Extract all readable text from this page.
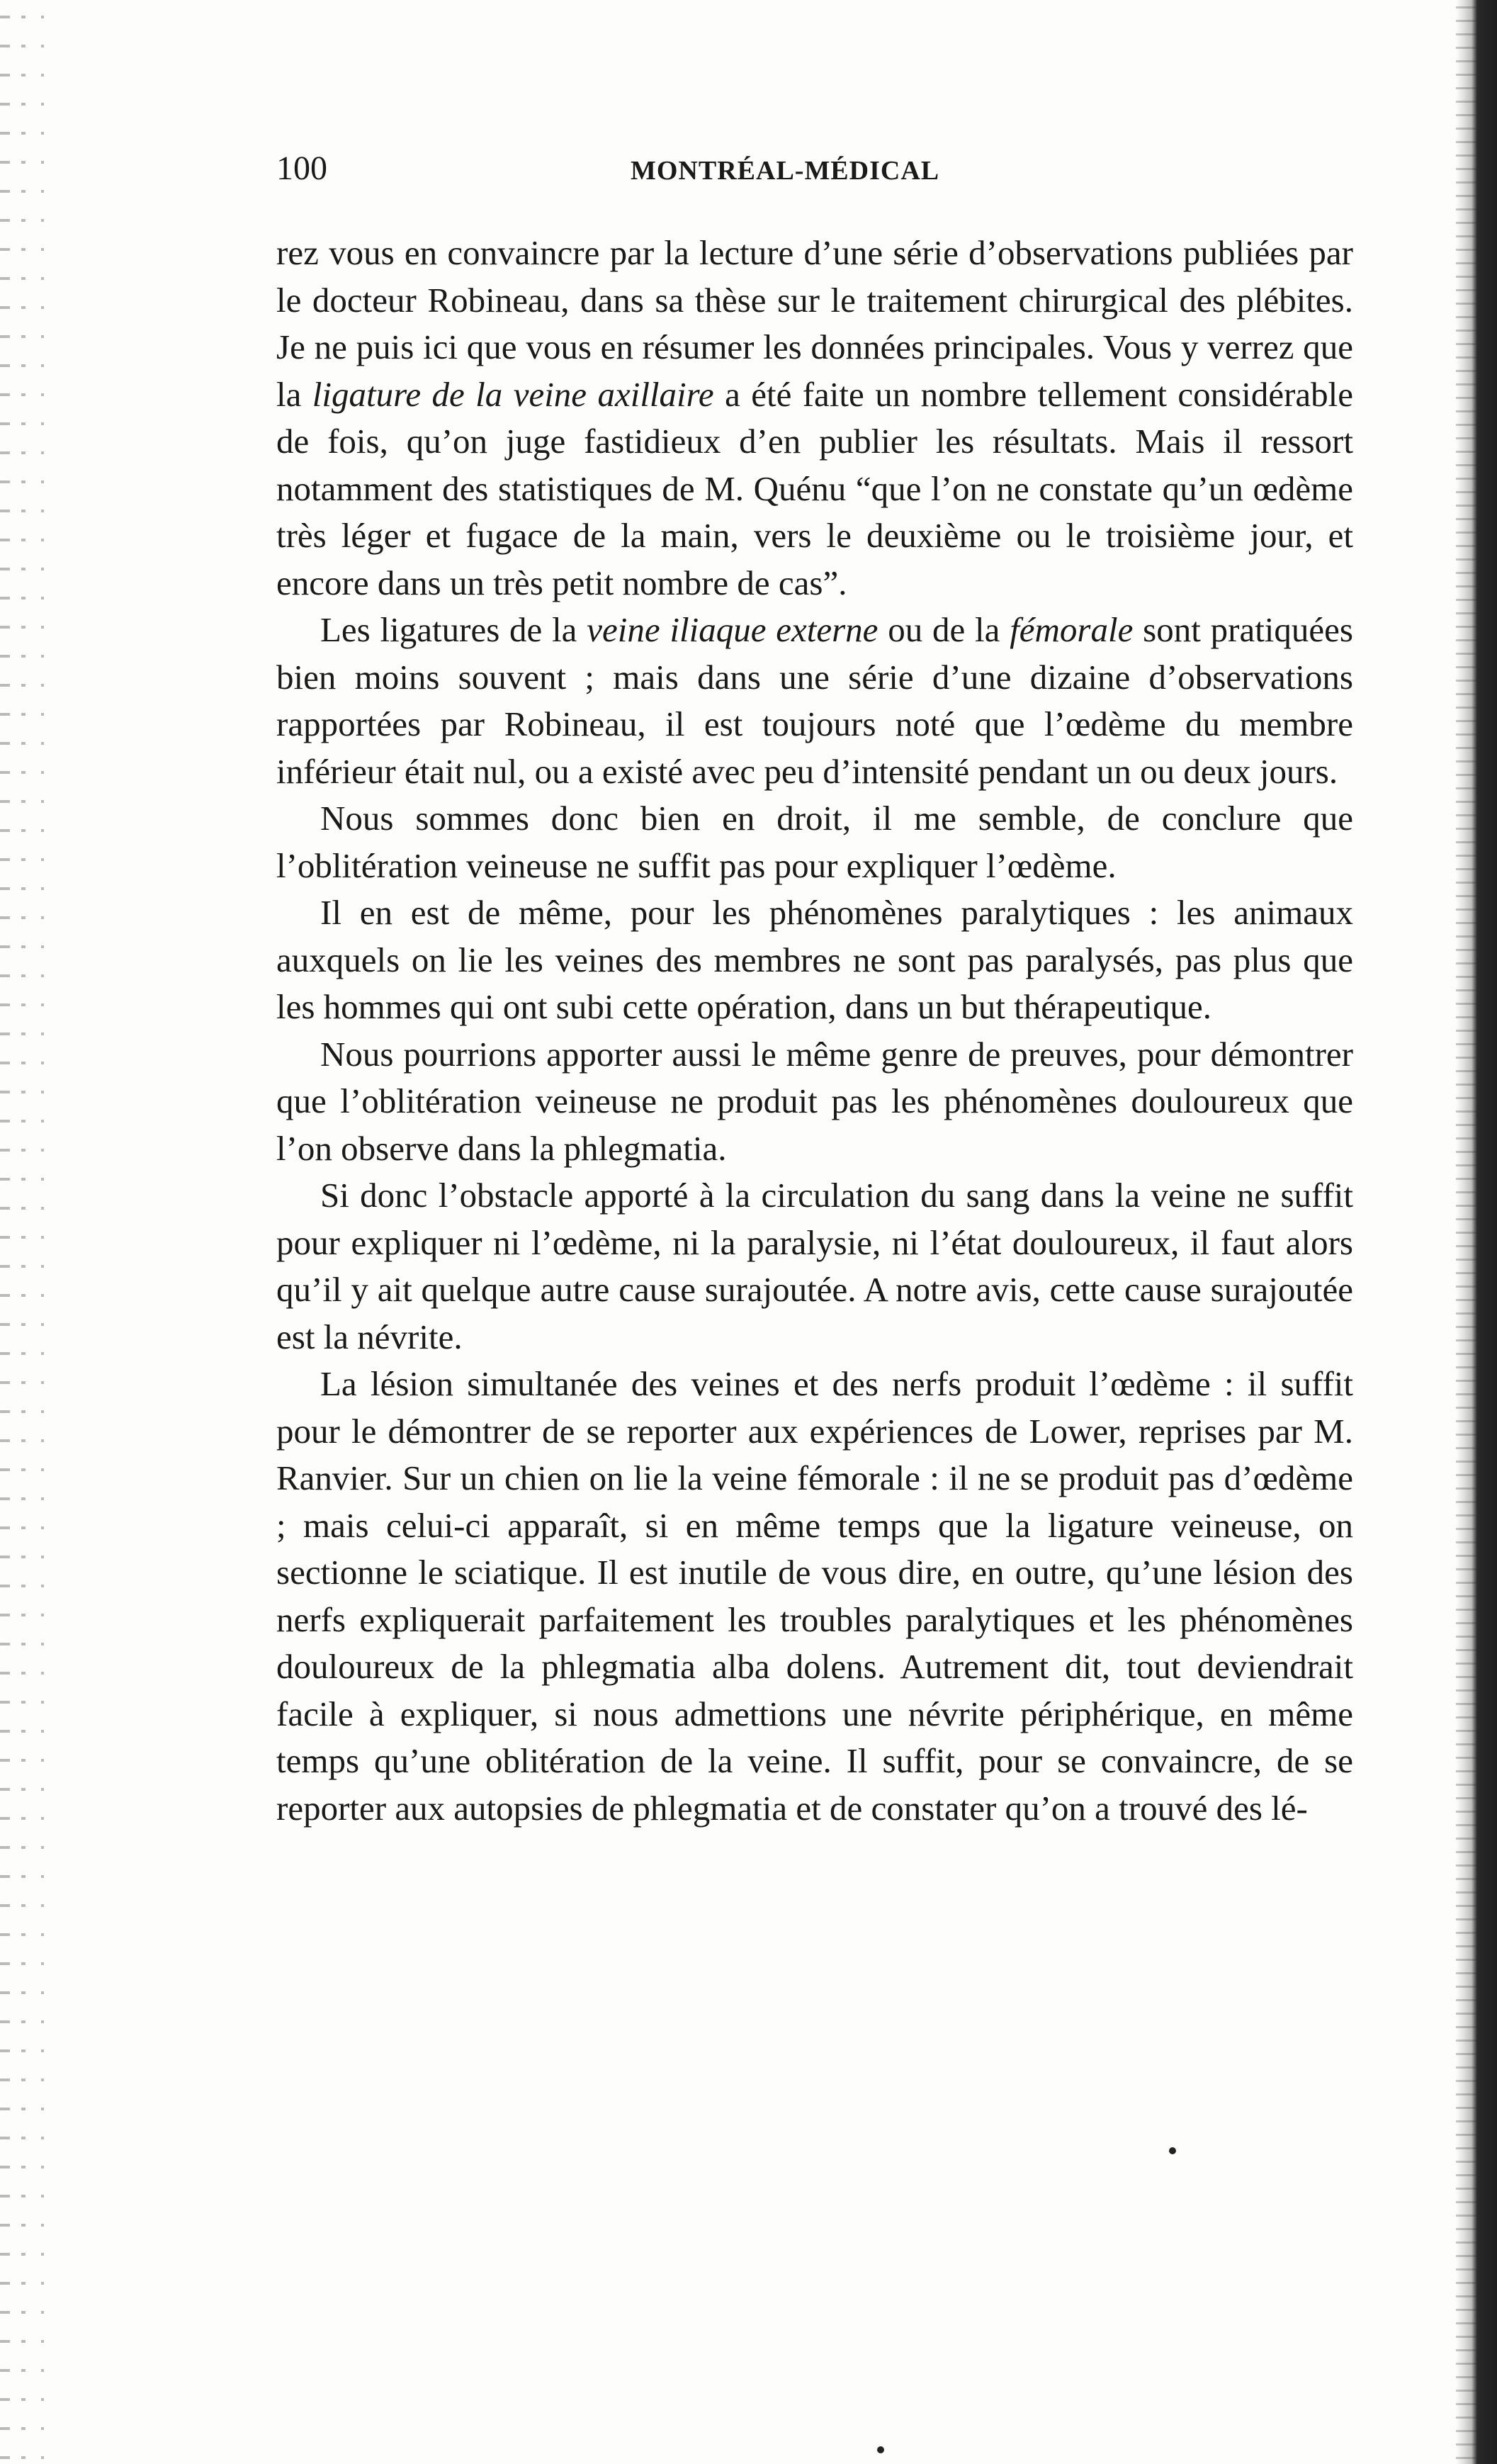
100	MONTRÉAL-MÉDICAL

rez vous en convaincre par la lecture d’une série d’observations publiées par le docteur Robineau, dans sa thèse sur le traitement chirurgical des plébites. Je ne puis ici que vous en résumer les données principales. Vous y verrez que la ligature de la veine axillaire a été faite un nombre tellement considérable de fois, qu’on juge fastidieux d’en publier les résultats. Mais il ressort notamment des statistiques de M. Quénu “que l’on ne constate qu’un œdème très léger et fugace de la main, vers le deuxième ou le troisième jour, et encore dans un très petit nombre de cas”.

Les ligatures de la veine iliaque externe ou de la fémorale sont pratiquées bien moins souvent ; mais dans une série d’une dizaine d’observations rapportées par Robineau, il est toujours noté que l’œdème du membre inférieur était nul, ou a existé avec peu d’intensité pendant un ou deux jours.

Nous sommes donc bien en droit, il me semble, de conclure que l’oblitération veineuse ne suffit pas pour expliquer l’œdème.

Il en est de même, pour les phénomènes paralytiques : les animaux auxquels on lie les veines des membres ne sont pas paralysés, pas plus que les hommes qui ont subi cette opération, dans un but thérapeutique.

Nous pourrions apporter aussi le même genre de preuves, pour démontrer que l’oblitération veineuse ne produit pas les phénomènes douloureux que l’on observe dans la phlegmatia.

Si donc l’obstacle apporté à la circulation du sang dans la veine ne suffit pour expliquer ni l’œdème, ni la paralysie, ni l’état douloureux, il faut alors qu’il y ait quelque autre cause surajoutée. A notre avis, cette cause surajoutée est la névrite.

La lésion simultanée des veines et des nerfs produit l’œdème : il suffit pour le démontrer de se reporter aux expériences de Lower, reprises par M. Ranvier. Sur un chien on lie la veine fémorale : il ne se produit pas d’œdème ; mais celui-ci apparaît, si en même temps que la ligature veineuse, on sectionne le sciatique. Il est inutile de vous dire, en outre, qu’une lésion des nerfs expliquerait parfaitement les troubles paralytiques et les phénomènes douloureux de la phlegmatia alba dolens. Autrement dit, tout deviendrait facile à expliquer, si nous admettions une névrite périphérique, en même temps qu’une oblitération de la veine. Il suffit, pour se convaincre, de se reporter aux autopsies de phlegmatia et de constater qu’on a trouvé des lé-
